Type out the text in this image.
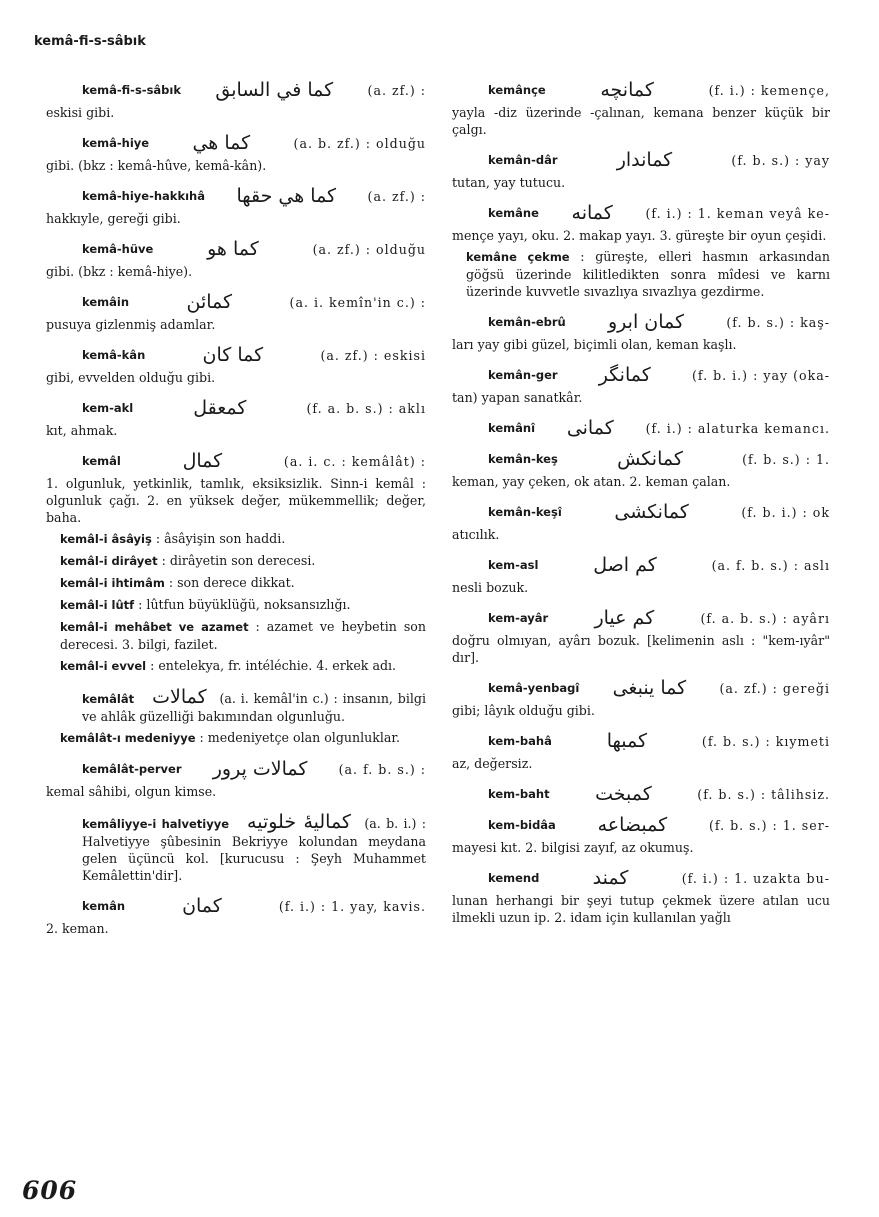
kemâ-fi-s-sâbık
kemâ-fi-s-sâbık	كما في السابق	(a. zf.) :
eskisi gibi.
kemâ-hiye	كما هي	(a. b. zf.) : olduğu
gibi. (bkz : kemâ-hûve, kemâ-kân).
kemâ-hiye-hakkıhâ	كما هي حقها	(a. zf.) :
hakkıyle, gereği gibi.
kemâ-hüve	كما هو	(a. zf.) : olduğu
gibi. (bkz : kemâ-hiye).
kemâin	كمائن	(a. i. kemîn'in c.) :
pusuya gizlenmiş adamlar.
kemâ-kân	كما كان	(a. zf.) : eskisi
gibi, evvelden olduğu gibi.
kem-akl	كمعقل	(f. a. b. s.) : aklı
kıt, ahmak.
kemâl	كمال	(a. i. c. : kemâlât) :
1. olgunluk, yetkinlik, tamlık, eksiksizlik. Sinn-i kemâl : olgunluk çağı. 2. en yüksek değer, mükemmellik; değer, baha.
kemâl-i âsâyiş : âsâyişin son haddi.
kemâl-i dirâyet : dirâyetin son derecesi.
kemâl-i ihtimâm : son derece dikkat.
kemâl-i lûtf : lûtfun büyüklüğü, noksansızlığı.
kemâl-i mehâbet ve azamet : azamet ve heybetin son derecesi. 3. bilgi, fazilet.
kemâl-i evvel : entelekya, fr. intéléchie. 4. erkek adı.
kemâlât كمالات (a. i. kemâl'in c.) : insanın, bilgi ve ahlâk güzelliği bakımından olgunluğu.
kemâlât-ı medeniyye : medeniyetçe olan olgunluklar.
kemâlât-perver	كمالات پرور	(a. f. b. s.) :
kemal sâhibi, olgun kimse.
kemâliyye-i halvetiyye كماليهٔ خلوتيه (a. b. i.) : Halvetiyye şûbesinin Bekriyye kolundan meydana gelen üçüncü kol. [kurucusu : Şeyh Muhammet Kemâlettin'dir].
kemân	كمان	(f. i.) : 1. yay, kavis.
2. keman.
kemânçe	كمانچه	(f. i.) : kemençe,
yayla -diz üzerinde -çalınan, kemana benzer küçük bir çalgı.
kemân-dâr	كماندار	(f. b. s.) : yay
tutan, yay tutucu.
kemâne	كمانه	(f. i.) : 1. keman veyâ ke-
mençe yayı, oku. 2. makap yayı. 3. güreşte bir oyun çeşidi.
kemâne çekme : güreşte, elleri hasmın arkasından göğsü üzerinde kilitledikten sonra mîdesi ve karnı üzerinde kuvvetle sıvazlıya sıvazlıya gezdirme.
kemân-ebrû	كمان ابرو	(f. b. s.) : kaş-
ları yay gibi güzel, biçimli olan, keman kaşlı.
kemân-ger	كمانگر	(f. b. i.) : yay (oka-
tan) yapan sanatkâr.
kemânî	كمانى	(f. i.) : alaturka kemancı.
kemân-keş	كمانكش	(f. b. s.) : 1.
keman, yay çeken, ok atan. 2. keman çalan.
kemân-keşî	كمانكشى	(f. b. i.) : ok
atıcılık.
kem-asl	كم اصل	(a. f. b. s.) : aslı
nesli bozuk.
kem-ayâr	كم عيار	(f. a. b. s.) : ayârı
doğru olmıyan, ayârı bozuk. [kelimenin aslı : "kem-ıyâr" dır].
kemâ-yenbagî	كما ينبغى	(a. zf.) : gereği
gibi; lâyık olduğu gibi.
kem-bahâ	كمبها	(f. b. s.) : kıymeti
az, değersiz.
kem-baht	كمبخت	(f. b. s.) : tâlihsiz.
kem-bidâa	كمبضاعه	(f. b. s.) : 1. ser-
mayesi kıt. 2. bilgisi zayıf, az okumuş.
kemend	كمند	(f. i.) : 1. uzakta bu-
lunan herhangi bir şeyi tutup çekmek üzere atılan ucu ilmekli uzun ip. 2. idam için kullanılan yağlı
606
